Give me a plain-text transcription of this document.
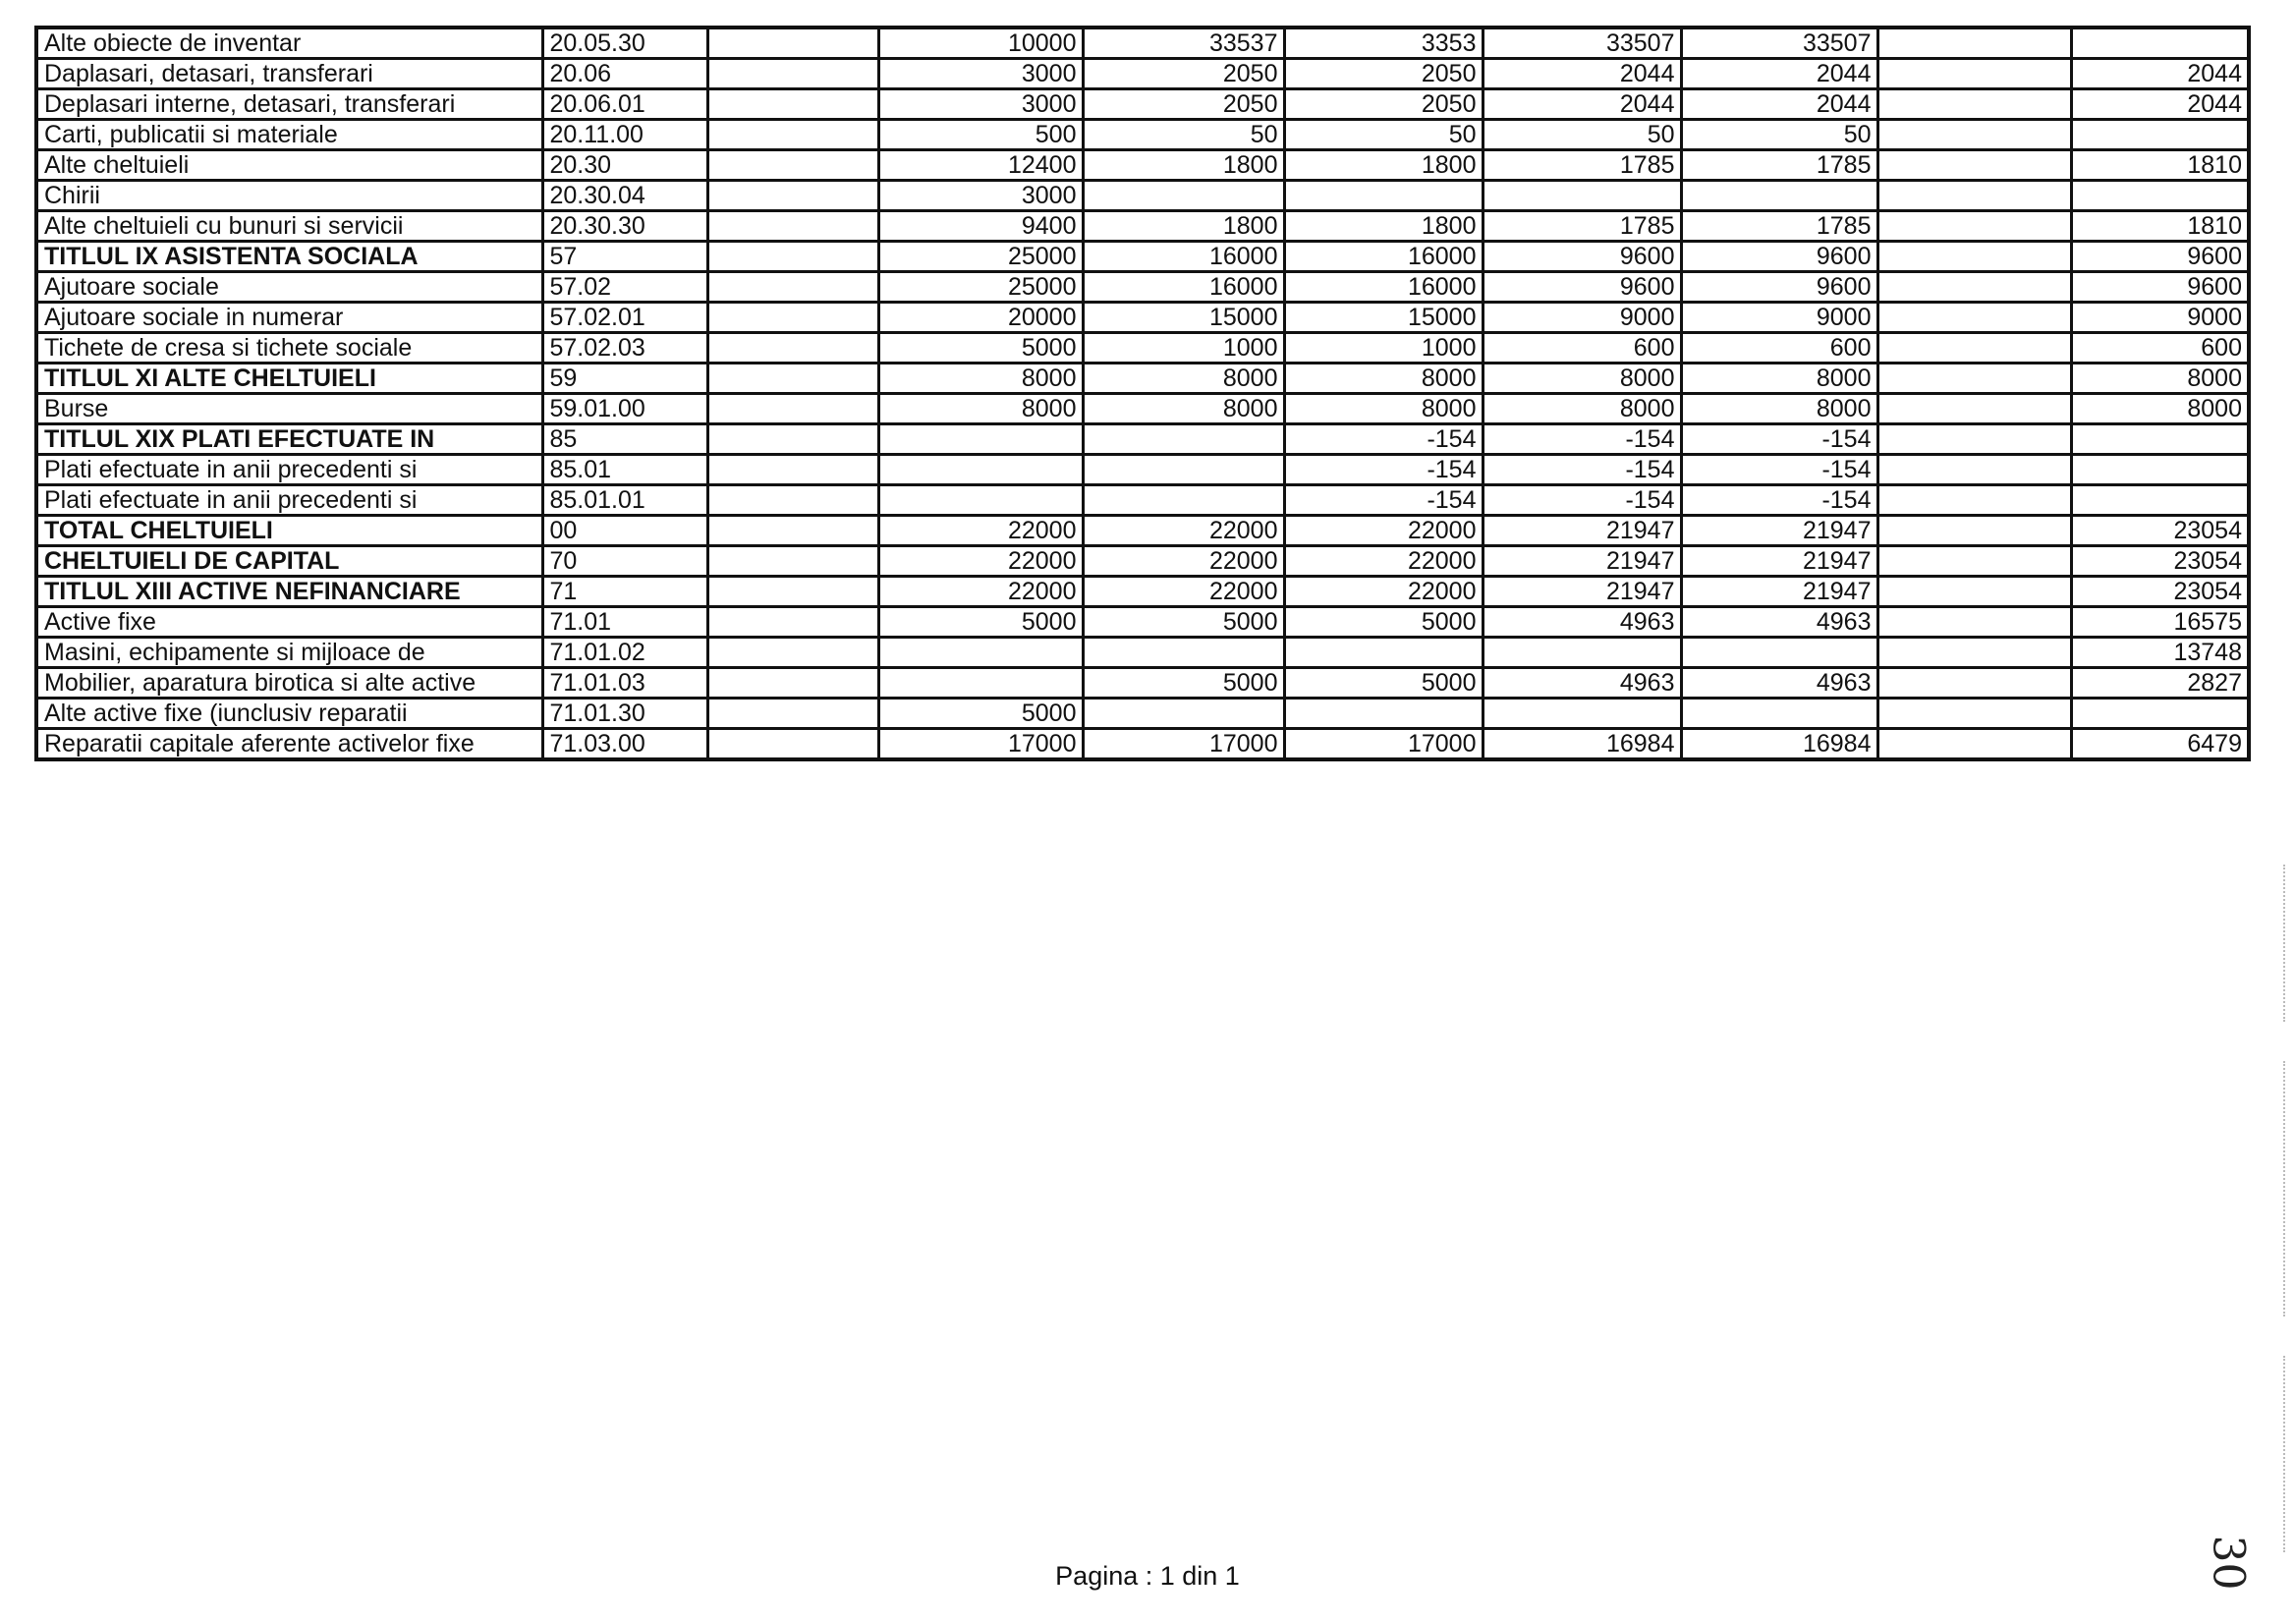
Alte obiecte de inventar	20.05.30		10000	33537	3353	33507	33507		
Daplasari, detasari, transferari	20.06		3000	2050	2050	2044	2044		2044
Deplasari interne, detasari, transferari	20.06.01		3000	2050	2050	2044	2044		2044
Carti, publicatii si materiale	20.11.00		500	50	50	50	50		
Alte cheltuieli	20.30		12400	1800	1800	1785	1785		1810
Chirii	20.30.04		3000						
Alte cheltuieli cu bunuri si servicii	20.30.30		9400	1800	1800	1785	1785		1810
TITLUL IX ASISTENTA SOCIALA	57		25000	16000	16000	9600	9600		9600
Ajutoare sociale	57.02		25000	16000	16000	9600	9600		9600
Ajutoare sociale in numerar	57.02.01		20000	15000	15000	9000	9000		9000
Tichete de cresa si tichete sociale	57.02.03		5000	1000	1000	600	600		600
TITLUL XI ALTE CHELTUIELI	59		8000	8000	8000	8000	8000		8000
Burse	59.01.00		8000	8000	8000	8000	8000		8000
TITLUL XIX PLATI EFECTUATE IN	85				-154	-154	-154		
Plati efectuate in anii precedenti si	85.01				-154	-154	-154		
Plati efectuate in anii precedenti si	85.01.01				-154	-154	-154		
TOTAL CHELTUIELI	00		22000	22000	22000	21947	21947		23054
CHELTUIELI DE CAPITAL	70		22000	22000	22000	21947	21947		23054
TITLUL XIII ACTIVE NEFINANCIARE	71		22000	22000	22000	21947	21947		23054
Active fixe	71.01		5000	5000	5000	4963	4963		16575
Masini, echipamente si mijloace de	71.01.02								13748
Mobilier, aparatura birotica si alte active	71.01.03			5000	5000	4963	4963		2827
Alte active fixe (iunclusiv reparatii	71.01.30		5000						
Reparatii capitale aferente activelor fixe	71.03.00		17000	17000	17000	16984	16984		6479
Pagina : 1 din 1	30
